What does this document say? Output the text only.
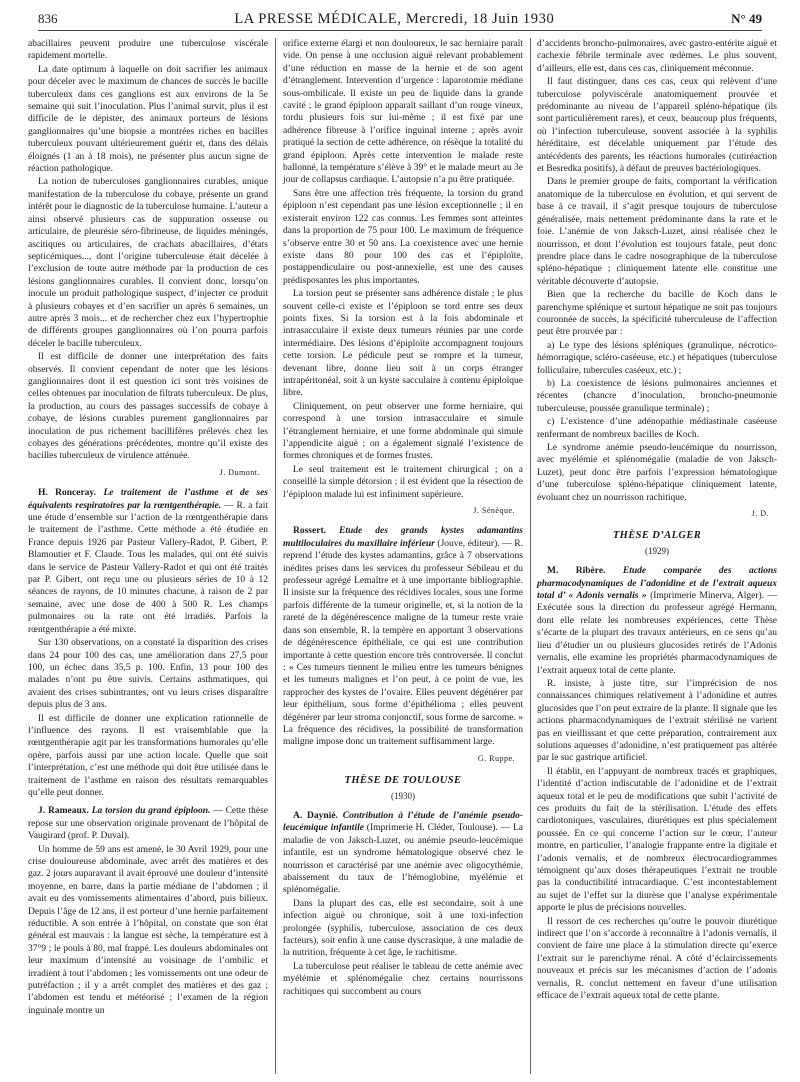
836	LA PRESSE MÉDICALE, Mercredi, 18 Juin 1930	N° 49

abacillaires peuvent produire une tuberculose viscérale rapidement mortelle.

La date optimum à laquelle on doit sacrifier les animaux pour déceler avec le maximum de chances de succès le bacille tuberculeux dans ces ganglions est aux environs de la 5e semaine qui suit l’inoculation. Plus l’animal survit, plus il est difficile de le dépister, des animaux porteurs de lésions ganglionnaires qu’une biopsie a montrées riches en bacilles tuberculeux pouvant ultérieurement guérir et, dans des délais éloignés (1 an à 18 mois), ne présenter plus aucun signe de réaction pathologique.

La notion de tuberculoses ganglionnaires curables, unique manifestation de la tuberculose du cobaye, présente un grand intérêt pour le diagnostic de la tuberculose humaine. L’auteur a ainsi observé plusieurs cas de suppuration osseuse ou articulaire, de pleurésie séro-fibrineuse, de liquides méningés, ascitiques ou articulaires, de crachats abacillaires, d’états septicémiques..., dont l’origine tuberculeuse était décelée à l’exclusion de toute autre méthode par la production de ces lésions ganglionnaires curables. Il convient donc, lorsqu’on inocule un produit pathologique suspect, d’injecter ce produit à plusieurs cobayes et d’en sacrifier un après 6 semaines, un autre après 3 mois... et de rechercher chez eux l’hypertrophie de différents groupes ganglionnaires où l’on pourra parfois déceler le bacille tuberculeux.

Il est difficile de donner une interprétation des faits observés. Il convient cependant de noter que les lésions ganglionnaires dont il est question ici sont très voisines de celles obtenues par inoculation de filtrats tuberculeux. De plus, la production, au cours des passages successifs de cobaye à cobaye, de lésions curables purement ganglionnaires par inoculation de pus richement bacillifères prélevés chez les cobayes des générations précédentes, montre qu’il existe des bacilles tuberculeux de virulence atténuée.

J. Dumont.

H. Ronceray. Le traitement de l’asthme et de ses équivalents respiratoires par la rœntgenthérapie. — R. a fait une étude d’ensemble sur l’action de la rœntgenthérapie dans le traitement de l’asthme. Cette méthode a été étudiée en France depuis 1926 par Pasteur Vallery-Radot, P. Gibert, P. Blamoutier et F. Claude. Tous les malades, qui ont été suivis dans le service de Pasteur Vallery-Radot et qui ont été traités par P. Gibert, ont reçu une ou plusieurs séries de 10 à 12 séances de rayons, de 10 minutes chacune, à raison de 2 par semaine, avec une dose de 400 à 500 R. Les champs pulmonaires ou la rate ont été irradiés. Parfois la rœntgenthérapie a été mixte.

Sur 130 observations, on a constaté la disparition des crises dans 24 pour 100 des cas, une amélioration dans 27,5 pour 100, un échec dans 35,5 p. 100. Enfin, 13 pour 100 des malades n’ont pu être suivis. Certains asthmatiques, qui avaient des crises subintrantes, ont vu leurs crises disparaître depuis plus de 3 ans.

Il est difficile de donner une explication rationnelle de l’influence des rayons. Il est vraisemblable que la rœntgenthérapie agit par les transformations humorales qu’elle opère, parfois aussi par une action locale. Quelle que soit l’interprétation, c’est une méthode qui doit être utilisée dans le traitement de l’asthme en raison des résultats remarquables qu’elle peut donner.

J. Rameaux. La torsion du grand épiploon. — Cette thèse repose sur une observation originale provenant de l’hôpital de Vaugirard (prof. P. Duval).

Un homme de 59 ans est amené, le 30 Avril 1929, pour une crise douloureuse abdominale, avec arrêt des matières et des gaz. 2 jours auparavant il avait éprouvé une douleur d’intensité moyenne, en barre, dans la partie médiane de l’abdomen ; il avait eu des vomissements alimentaires d’abord, puis bilieux. Depuis l’âge de 12 ans, il est porteur d’une hernie parfaitement réductible. A son entrée à l’hôpital, on constate que son état général est mauvais : la langue est sèche, la température est à 37°9 ; le pouls à 80, mal frappé. Les douleurs abdominales ont leur maximum d’intensité au voisinage de l’ombilic et irradient à tout l’abdomen ; les vomissements ont une odeur de putréfaction ; il y a arrêt complet des matières et des gaz ; l’abdomen est tendu et météorisé ; l’examen de la région inguinale montre un

orifice externe élargi et non douloureux, le sac herniaire paraît vide. On pense à une occlusion aiguë relevant probablement d’une réduction en masse de la hernie et de son agent d’étranglement. Intervention d’urgence : laparotomie médiane sous-ombilicale. Il existe un peu de liquide dans la grande cavité ; le grand épiploon apparaît saillant d’un rouge vineux, tordu plusieurs fois sur lui-même ; il est fixé par une adhérence fibreuse à l’orifice inguinal interne ; après avoir pratiqué la section de cette adhérence, on résèque la totalité du grand épiploon. Après cette intervention le malade reste ballonné, la température s’élève à 39° et le malade meurt au 3e jour de collapsus cardiaque. L’autopsie n’a pu être pratiquée.

Sans être une affection très fréquente, la torsion du grand épiploon n’est cependant pas une lésion exceptionnelle ; il en existerait environ 122 cas connus. Les femmes sont atteintes dans la proportion de 75 pour 100. Le maximum de fréquence s’observe entre 30 et 50 ans. La coexistence avec une hernie existe dans 80 pour 100 des cas et l’épiploïte, postappendiculaire ou post-annexielle, est une des causes prédisposantes les plus importantes.

La torsion peut se présenter sans adhérence distale ; le plus souvent celle-ci existe et l’épiploon se tord entre ses deux points fixes. Si la torsion est à la fois abdominale et intrasacculaire il existe deux tumeurs réunies par une corde intermédiaire. Des lésions d’épiploïte accompagnent toujours cette torsion. Le pédicule peut se rompre et la tumeur, devenant libre, donne lieu soit à un corps étranger intrapéritonéal, soit à un kyste sacculaire à contenu épiploïque libre.

Cliniquement, on peut observer une forme herniaire, qui correspond à une torsion intrasacculaire et simule l’étranglement herniaire, et une forme abdominale qui simule l’appendicite aiguë ; on a également signalé l’existence de formes chroniques et de formes frustes.

Le seul traitement est le traitement chirurgical ; on a conseillé la simple détorsion ; il est évident que la résection de l’épiploon malade lui est infiniment supérieure.

J. Sénèque.

Rossert. Etude des grands kystes adamantins multiloculaires du maxillaire inférieur (Jouve, éditeur). — R. reprend l’étude des kystes adamantins, grâce à 7 observations inédites prises dans les services du professeur Sébileau et du professeur agrégé Lemaître et à une importante bibliographie. Il insiste sur la fréquence des récidives locales, sous une forme parfois différente de la tumeur originelle, et, si la notion de la rareté de la dégénérescence maligne de la tumeur reste vraie dans son ensemble, R. la tempère en apportant 3 observations de dégénérescence épithéliale, ce qui est une contribution importante à cette question encore très controversée. Il conclut : « Ces tumeurs tiennent le milieu entre les tumeurs bénignes et les tumeurs malignes et l’on peut, à ce point de vue, les rapprocher des kystes de l’ovaire. Elles peuvent dégénérer par leur épithélium, sous forme d’épithélioma ; elles peuvent dégénérer par leur stroma conjonctif, sous forme de sarcome. » La fréquence des récidives, la possibilité de transformation maligne impose donc un traitement suffisamment large.

G. Ruppe.
THÈSE DE TOULOUSE
(1930)

A. Daynié. Contribution à l’étude de l’anémie pseudo-leucémique infantile (Imprimerie H. Cléder, Toulouse). — La maladie de von Jaksch-Luzet, ou anémie pseudo-leucémique infantile, est un syndrome hématologique observé chez le nourrisson et caractérisé par une anémie avec oligocythémie, abaissement du taux de l’hémoglobine, myélémie et splénomégalie.

Dans la plupart des cas, elle est secondaire, soit à une infection aiguë ou chronique, soit à une toxi-infection prolongée (syphilis, tuberculose, association de ces deux facteurs), soit enfin à une cause dyscrasique, à une maladie de la nutrition, fréquente à cet âge, le rachitisme.

La tuberculose peut réaliser le tableau de cette anémie avec myélémie et splénomégalie chez certains nourrissons rachitiques qui succombent au cours

d’accidents broncho-pulmonaires, avec gastro-entérite aiguë et cachexie fébrile terminale avec œdèmes. Le plus souvent, d’ailleurs, elle est, dans ces cas, cliniquement méconnue.

Il faut distinguer, dans ces cas, ceux qui relèvent d’une tuberculose polyviscérale anatomiquement prouvée et prédominante au niveau de l’appareil spléno-hépatique (ils sont particulièrement rares), et ceux, beaucoup plus fréquents, où l’infection tuberculeuse, souvent associée à la syphilis héréditaire, est décelable uniquement par l’étude des antécédents des parents, les réactions humorales (cutiréaction et Besredka positifs), à défaut de preuves bactériologiques.

Dans le premier groupe de faits, comportant la vérification anatomique de la tuberculose en évolution, et qui servent de base à ce travail, il s’agit presque toujours de tuberculose généralisée, mais nettement prédominante dans la rate et le foie. L’anémie de von Jaksch-Luzet, ainsi réalisée chez le nourrisson, et dont l’évolution est toujours fatale, peut donc prendre place dans le cadre nosographique de la tuberculose spléno-hépatique ; cliniquement latente elle constitue une véritable découverte d’autopsie.

Bien que la recherche du bacille de Koch dans le parenchyme splénique et surtout hépatique ne soit pas toujours couronnée de succès, la spécificité tuberculeuse de l’affection peut être prouvée par :

a) Le type des lésions spléniques (granulique, nécrotico-hémorragique, scléro-caséeuse, etc.) et hépatiques (tuberculose folliculaire, tubercules caséeux, etc.) ;

b) La coexistence de lésions pulmonaires anciennes et récentes (chancre d’inoculation, broncho-pneumonie tuberculeuse, poussée granulique terminale) ;

c) L’existence d’une adénopathie médiastinale caséeuse renfermant de nombreux bacilles de Koch.

Le syndrome anémie pseudo-leucémique du nourrisson, avec myélémie et splénomégalie (maladie de von Jaksch-Luzet), peut donc être parfois l’expression hématologique d’une tuberculose spléno-hépatique cliniquement latente, évoluant chez un nourrisson rachitique.

J. D.
THÈSE D’ALGER
(1929)

M. Ribère. Etude comparée des actions pharmacodynamiques de l’adonidine et de l’extrait aqueux total d’ « Adonis vernalis » (Imprimerie Minerva, Alger). — Exécutée sous la direction du professeur agrégé Hermann, dont elle relate les nombreuses expériences, cette Thèse s’écarte de la plupart des travaux antérieurs, en ce sens qu’au lieu d’étudier un ou plusieurs glucosides retirés de l’Adonis vernalis, elle examine les propriétés pharmacodynamiques de l’extrait aqueux total de cette plante.

R. insiste, à juste titre, sur l’imprécision de nos connaissances chimiques relativement à l’adonidine et autres glucosides que l’on peut extraire de la plante. Il signale que les actions pharmacodynamiques de l’extrait stérilisé ne varient pas en vieillissant et que cette préparation, contrairement aux solutions aqueuses d’adonidine, n’est pratiquement pas altérée par le suc gastrique artificiel.

Il établit, en l’appuyant de nombreux tracés et graphiques, l’identité d’action indiscutable de l’adonidine et de l’extrait aqueux total et le peu de modifications que subit l’activité de ces produits du fait de la stérilisation. L’étude des effets cardiotoniques, vasculaires, diurétiques est plus spécialement poussée. En ce qui concerne l’action sur le cœur, l’auteur montre, en particulier, l’analogie frappante entre la digitale et l’adonis vernalis, et de nombreux électrocardiogrammes témoignent qu’aux doses thérapeutiques l’extrait ne trouble pas la conductibilité intracardiaque. C’est incontestablement au sujet de l’effet sur la diurèse que l’analyse expérimentale apporte le plus de précisions nouvelles.

Il ressort de ces recherches qu’outre le pouvoir diurétique indirect que l’on s’accorde à reconnaître à l’adonis vernalis, il convient de faire une place à la stimulation directe qu’exerce l’extrait sur le parenchyme rénal. A côté d’éclaircissements nouveaux et précis sur les mécanismes d’action de l’adonis vernalis, R. conclut nettement en faveur d’une utilisation efficace de l’extrait aqueux total de cette plante.
